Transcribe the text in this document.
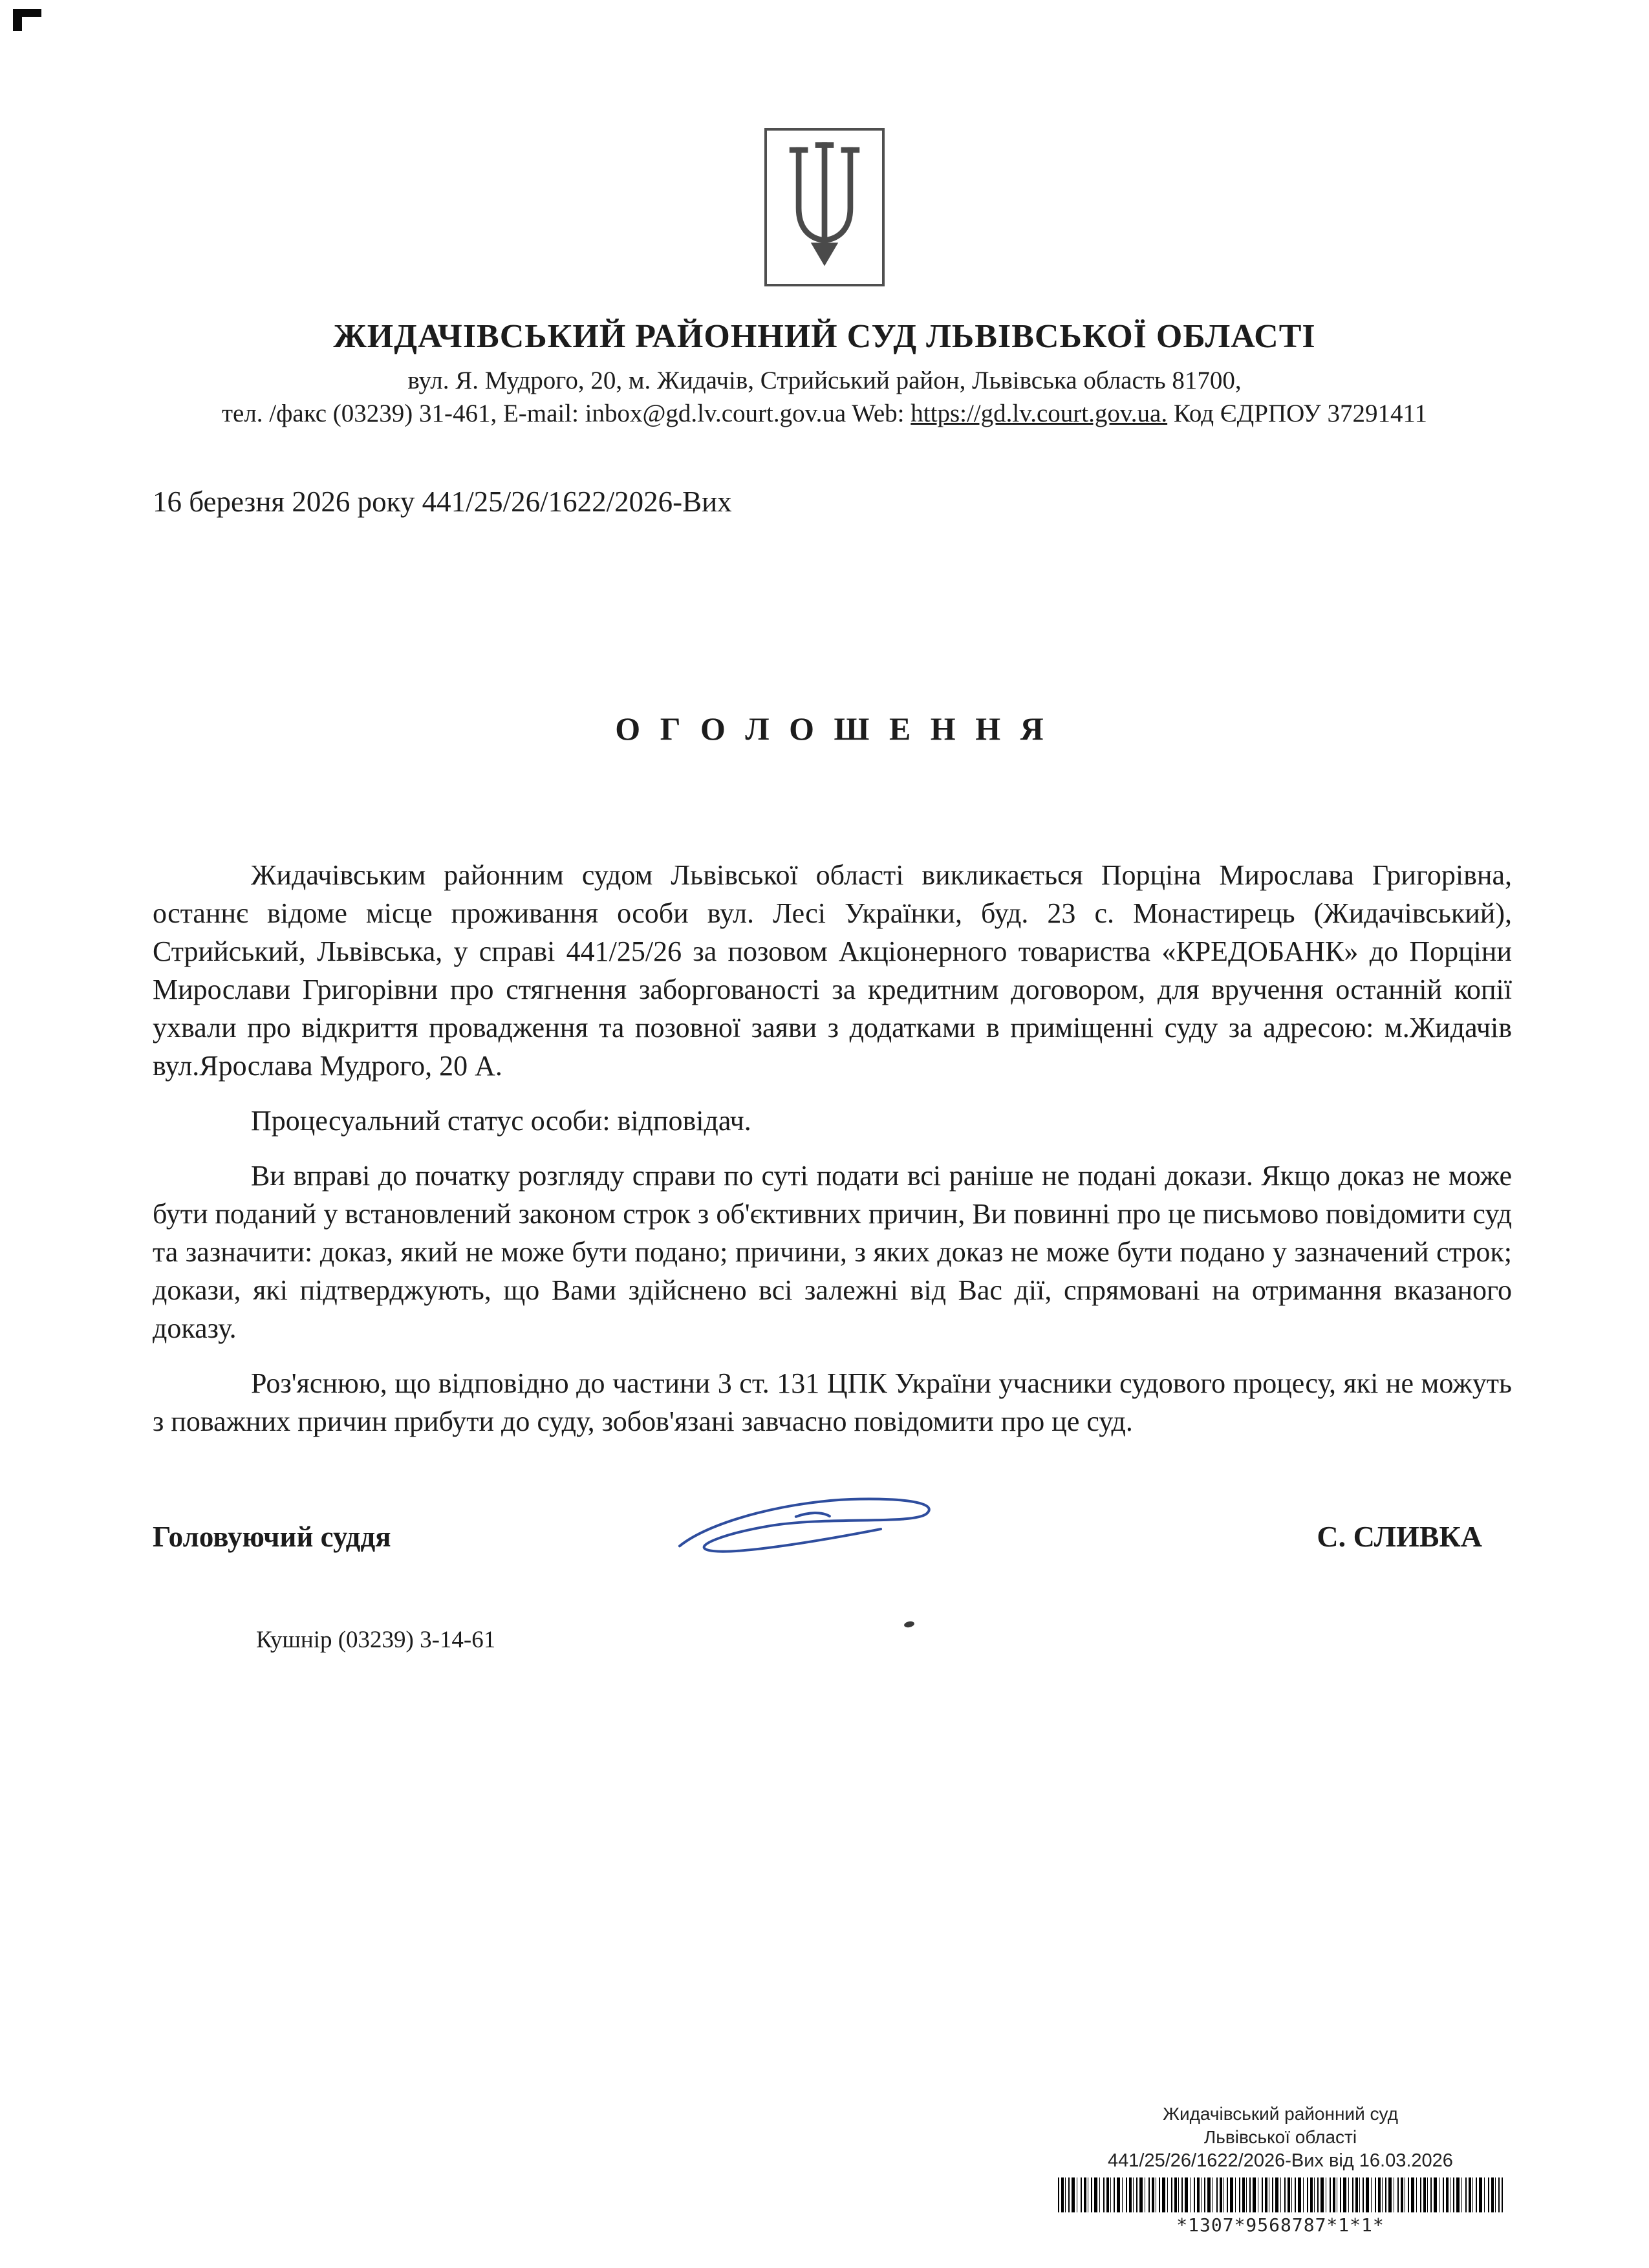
ЖИДАЧІВСЬКИЙ РАЙОННИЙ СУД ЛЬВІВСЬКОЇ ОБЛАСТІ
вул. Я. Мудрого, 20, м. Жидачів, Стрийський район, Львівська область 81700,
тел. /факс (03239) 31-461, E-mail: inbox@gd.lv.court.gov.ua Web: https://gd.lv.court.gov.ua. Код ЄДРПОУ 37291411
16 березня 2026 року 441/25/26/1622/2026-Вих
О Г О Л О Ш Е Н Н Я

Жидачівським районним судом Львівської області викликається Порціна Мирослава Григорівна, останнє відоме місце проживання особи вул. Лесі Українки, буд. 23 с. Монастирець (Жидачівський), Стрийський, Львівська, у справі 441/25/26 за позовом Акціонерного товариства «КРЕДОБАНК» до Порціни Мирослави Григорівни про стягнення заборгованості за кредитним договором, для вручення останній копії ухвали про відкриття провадження та позовної заяви з додатками в приміщенні суду за адресою: м.Жидачів вул.Ярослава Мудрого, 20 А.

Процесуальний статус особи: відповідач.

Ви вправі до початку розгляду справи по суті подати всі раніше не подані докази. Якщо доказ не може бути поданий у встановлений законом строк з об'єктивних причин, Ви повинні про це письмово повідомити суд та зазначити: доказ, який не може бути подано; причини, з яких доказ не може бути подано у зазначений строк; докази, які підтверджують, що Вами здійснено всі залежні від Вас дії, спрямовані на отримання вказаного доказу.

Роз'яснюю, що відповідно до частини 3 ст. 131 ЦПК України учасники судового процесу, які не можуть з поважних причин прибути до суду, зобов'язані завчасно повідомити про це суд.

Головуючий суддя	С. СЛИВКА
Кушнір (03239) 3-14-61
Жидачівський районний суд
Львівської області
441/25/26/1622/2026-Вих від 16.03.2026
*1307*9568787*1*1*
